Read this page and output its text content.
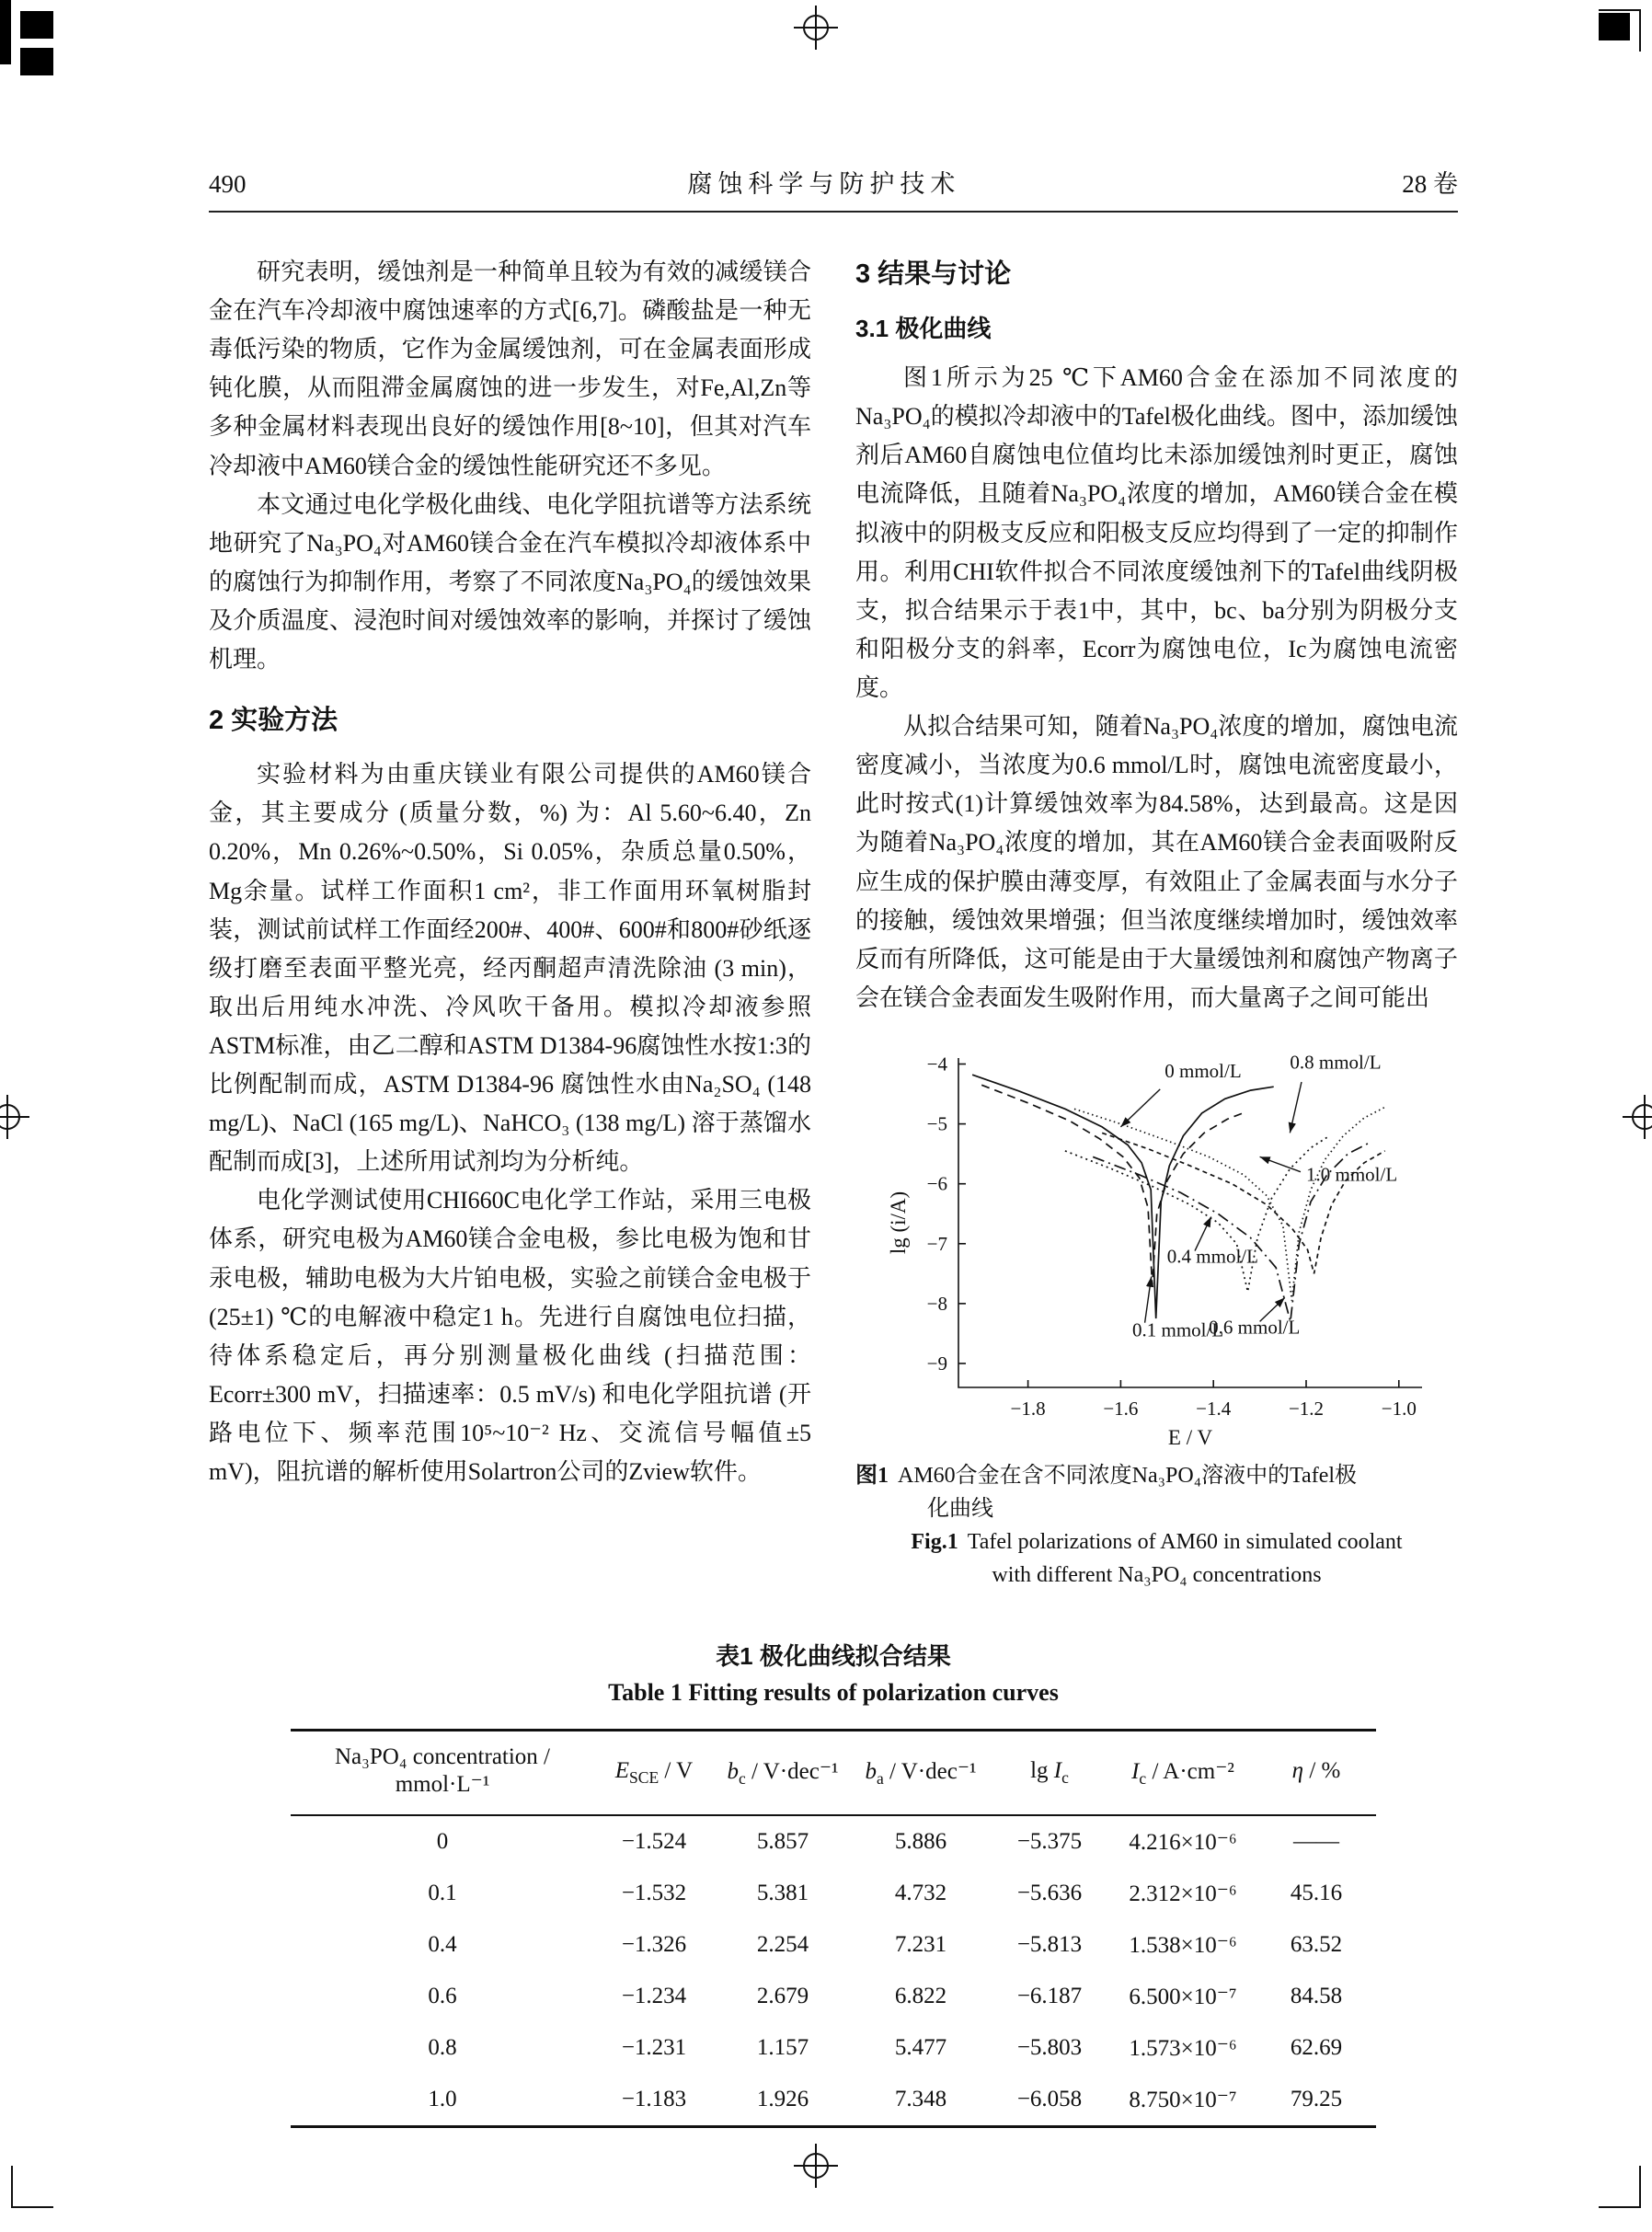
490	腐蚀科学与防护技术	28 卷

研究表明，缓蚀剂是一种简单且较为有效的减缓镁合金在汽车冷却液中腐蚀速率的方式[6,7]。磷酸盐是一种无毒低污染的物质，它作为金属缓蚀剂，可在金属表面形成钝化膜，从而阻滞金属腐蚀的进一步发生，对Fe,Al,Zn等多种金属材料表现出良好的缓蚀作用[8~10]，但其对汽车冷却液中AM60镁合金的缓蚀性能研究还不多见。

本文通过电化学极化曲线、电化学阻抗谱等方法系统地研究了Na₃PO₄对AM60镁合金在汽车模拟冷却液体系中的腐蚀行为抑制作用，考察了不同浓度Na₃PO₄的缓蚀效果及介质温度、浸泡时间对缓蚀效率的影响，并探讨了缓蚀机理。

2 实验方法

实验材料为由重庆镁业有限公司提供的AM60镁合金，其主要成分 (质量分数，%) 为：Al 5.60~6.40，Zn 0.20%，Mn 0.26%~0.50%，Si 0.05%，杂质总量0.50%，Mg余量。试样工作面积1 cm²，非工作面用环氧树脂封装，测试前试样工作面经200#、400#、600#和800#砂纸逐级打磨至表面平整光亮，经丙酮超声清洗除油 (3 min)，取出后用纯水冲洗、冷风吹干备用。模拟冷却液参照ASTM标准，由乙二醇和ASTM D1384-96腐蚀性水按1:3的比例配制而成，ASTM D1384-96 腐蚀性水由Na₂SO₄ (148 mg/L)、NaCl (165 mg/L)、NaHCO₃ (138 mg/L) 溶于蒸馏水配制而成[3]，上述所用试剂均为分析纯。

电化学测试使用CHI660C电化学工作站，采用三电极体系，研究电极为AM60镁合金电极，参比电极为饱和甘汞电极，辅助电极为大片铂电极，实验之前镁合金电极于 (25±1) ℃的电解液中稳定1 h。先进行自腐蚀电位扫描，待体系稳定后，再分别测量极化曲线 (扫描范围：Ecorr±300 mV，扫描速率：0.5 mV/s) 和电化学阻抗谱 (开路电位下、频率范围10⁵~10⁻² Hz、交流信号幅值±5 mV)，阻抗谱的解析使用Solartron公司的Zview软件。

3 结果与讨论
3.1 极化曲线

图1所示为25 ℃下AM60合金在添加不同浓度的Na₃PO₄的模拟冷却液中的Tafel极化曲线。图中，添加缓蚀剂后AM60自腐蚀电位值均比未添加缓蚀剂时更正，腐蚀电流降低，且随着Na₃PO₄浓度的增加，AM60镁合金在模拟液中的阴极支反应和阳极支反应均得到了一定的抑制作用。利用CHI软件拟合不同浓度缓蚀剂下的Tafel曲线阴极支，拟合结果示于表1中，其中，bc、ba分别为阴极分支和阳极分支的斜率，Ecorr为腐蚀电位，Ic为腐蚀电流密度。

从拟合结果可知，随着Na₃PO₄浓度的增加，腐蚀电流密度减小，当浓度为0.6 mmol/L时，腐蚀电流密度最小，此时按式(1)计算缓蚀效率为84.58%，达到最高。这是因为随着Na₃PO₄浓度的增加，其在AM60镁合金表面吸附反应生成的保护膜由薄变厚，有效阻止了金属表面与水分子的接触，缓蚀效果增强；但当浓度继续增加时，缓蚀效率反而有所降低，这可能是由于大量缓蚀剂和腐蚀产物离子会在镁合金表面发生吸附作用，而大量离子之间可能出

−1.8	−1.6	−1.4	−1.2	−1.0
−4
−5
−6
−7
−8
−9
E / V
lg (i/A)
0 mmol/L	0.8 mmol/L
1.0 mmol/L
0.4 mmol/L
0.1 mmol/L
0.6 mmol/L
图1 AM60合金在含不同浓度Na₃PO₄溶液中的Tafel极
化曲线
Fig.1 Tafel polarizations of AM60 in simulated coolant
with different Na₃PO₄ concentrations
表1 极化曲线拟合结果
Table 1 Fitting results of polarization curves
Na₃PO₄ concentration / mmol·L⁻¹	$E_{SCE}$ / V	$b_c / V\cdot dec^{-1}$	$b_a / V\cdot dec^{-1}$	$\lg I_c$	$I_c / A\cdot cm^{-2}$	η / %
0	−1.524	5.857	5.886	−5.375	4.216×10⁻⁶	——
0.1	−1.532	5.381	4.732	−5.636	2.312×10⁻⁶	45.16
0.4	−1.326	2.254	7.231	−5.813	1.538×10⁻⁶	63.52
0.6	−1.234	2.679	6.822	−6.187	6.500×10⁻⁷	84.58
0.8	−1.231	1.157	5.477	−5.803	1.573×10⁻⁶	62.69
1.0	−1.183	1.926	7.348	−6.058	8.750×10⁻⁷	79.25
